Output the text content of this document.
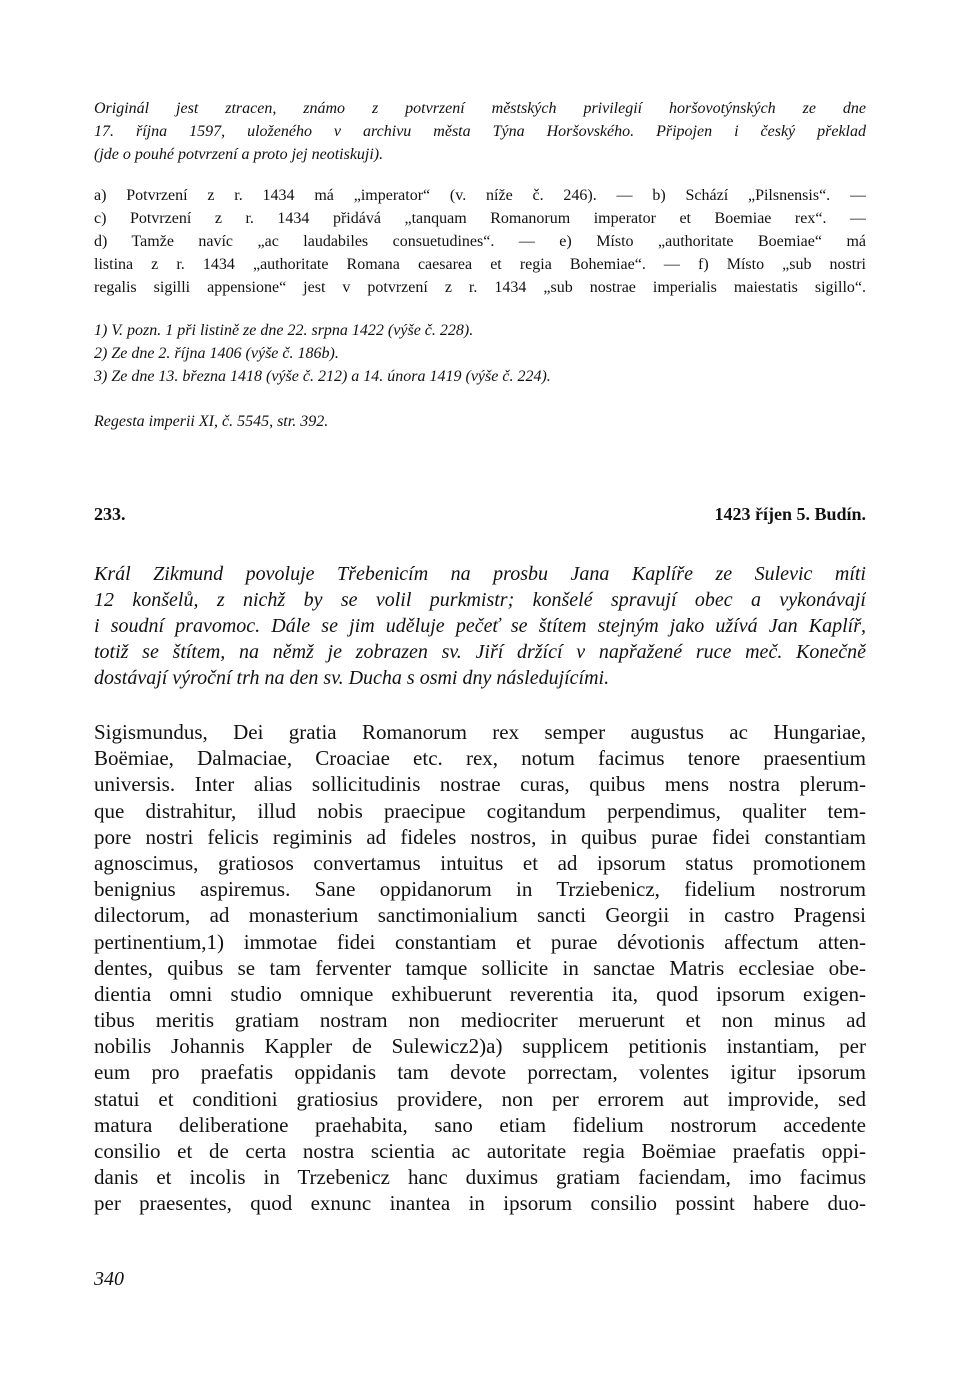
Originál jest ztracen, známo z potvrzení městských privilegií horšovotýnských ze dne
17. října 1597, uloženého v archivu města Týna Horšovského. Připojen i český překlad
(jde o pouhé potvrzení a proto jej neotiskuji).
a) Potvrzení z r. 1434 má „imperator“ (v. níže č. 246). — b) Schází „Pilsnensis“. —
c) Potvrzení z r. 1434 přidává „tanquam Romanorum imperator et Boemiae rex“. —
d) Tamže navíc „ac laudabiles consuetudines“. — e) Místo „authoritate Boemiae“ má
listina z r. 1434 „authoritate Romana caesarea et regia Bohemiae“. — f) Místo „sub nostri
regalis sigilli appensione“ jest v potvrzení z r. 1434 „sub nostrae imperialis maiestatis sigillo“.
1) V. pozn. 1 při listině ze dne 22. srpna 1422 (výše č. 228).
2) Ze dne 2. října 1406 (výše č. 186b).
3) Ze dne 13. března 1418 (výše č. 212) a 14. února 1419 (výše č. 224).
Regesta imperii XI, č. 5545, str. 392.
233.	1423 říjen 5. Budín.
Král Zikmund povoluje Třebenicím na prosbu Jana Kaplíře ze Sulevic míti
12 konšelů, z nichž by se volil purkmistr; konšelé spravují obec a vykonávají
i soudní pravomoc. Dále se jim uděluje pečeť se štítem stejným jako užívá Jan Kaplíř,
totiž se štítem, na němž je zobrazen sv. Jiří držící v napřažené ruce meč. Konečně
dostávají výroční trh na den sv. Ducha s osmi dny následujícími.
Sigismundus, Dei gratia Romanorum rex semper augustus ac Hungariae,
Boëmiae, Dalmaciae, Croaciae etc. rex, notum facimus tenore praesentium
universis. Inter alias sollicitudinis nostrae curas, quibus mens nostra plerum-
que distrahitur, illud nobis praecipue cogitandum perpendimus, qualiter tem-
pore nostri felicis regiminis ad fideles nostros, in quibus purae fidei constantiam
agnoscimus, gratiosos convertamus intuitus et ad ipsorum status promotionem
benignius aspiremus. Sane oppidanorum in Trziebenicz, fidelium nostrorum
dilectorum, ad monasterium sanctimonialium sancti Georgii in castro Pragensi
pertinentium,1) immotae fidei constantiam et purae dévotionis affectum atten-
dentes, quibus se tam ferventer tamque sollicite in sanctae Matris ecclesiae obe-
dientia omni studio omnique exhibuerunt reverentia ita, quod ipsorum exigen-
tibus meritis gratiam nostram non mediocriter meruerunt et non minus ad
nobilis Johannis Kappler de Sulewicz2)a) supplicem petitionis instantiam, per
eum pro praefatis oppidanis tam devote porrectam, volentes igitur ipsorum
statui et conditioni gratiosius providere, non per errorem aut improvide, sed
matura deliberatione praehabita, sano etiam fidelium nostrorum accedente
consilio et de certa nostra scientia ac autoritate regia Boëmiae praefatis oppi-
danis et incolis in Trzebenicz hanc duximus gratiam faciendam, imo facimus
per praesentes, quod exnunc inantea in ipsorum consilio possint habere duo-
340
